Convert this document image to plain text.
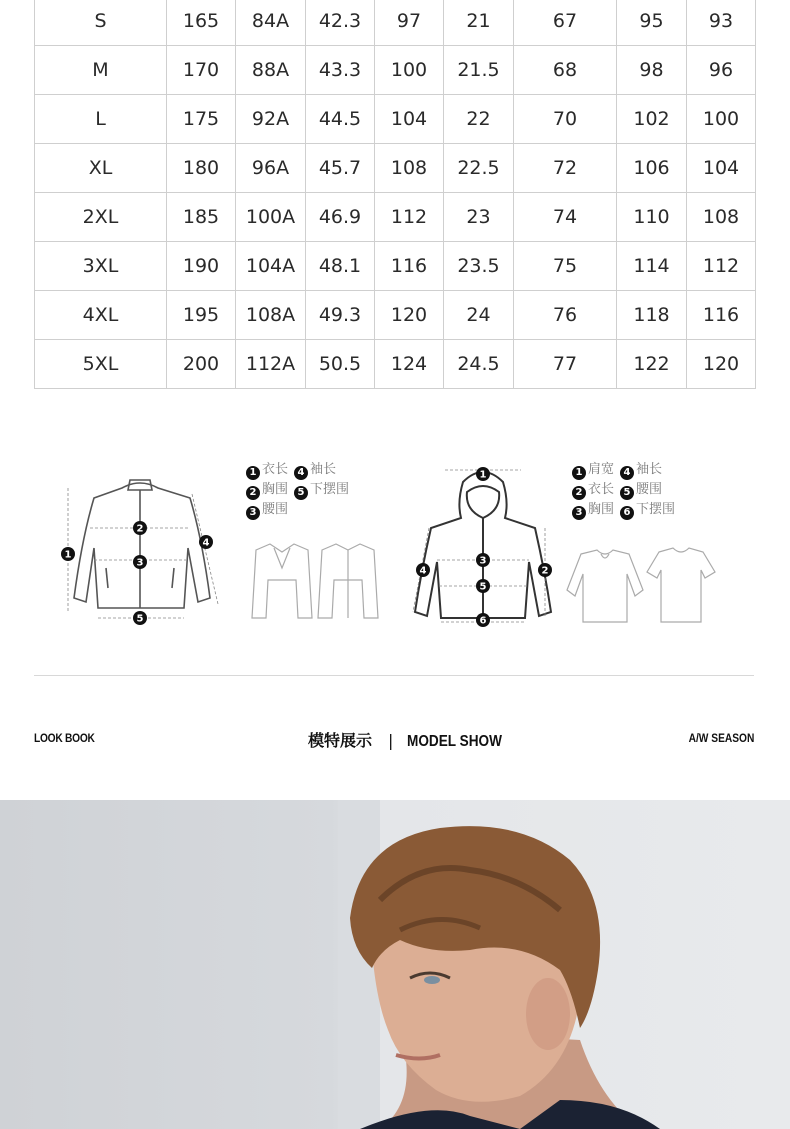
S	165	84A	42.3	97	21	67	95	93
M	170	88A	43.3	100	21.5	68	98	96
L	175	92A	44.5	104	22	70	102	100
XL	180	96A	45.7	108	22.5	72	106	104
2XL	185	100A	46.9	112	23	74	110	108
3XL	190	104A	48.1	116	23.5	75	114	112
4XL	195	108A	49.3	120	24	76	118	116
5XL	200	112A	50.5	124	24.5	77	122	120
1
2
3
4
5
1 衣长 4 袖长
2 胸围 5 下摆围
3 腰围
1
2
3
4
5
6
1 肩宽 4 袖长
2 衣长 5 腰围
3 胸围 6 下摆围
LOOK BOOK	模特展示 | MODEL SHOW	A/W SEASON
